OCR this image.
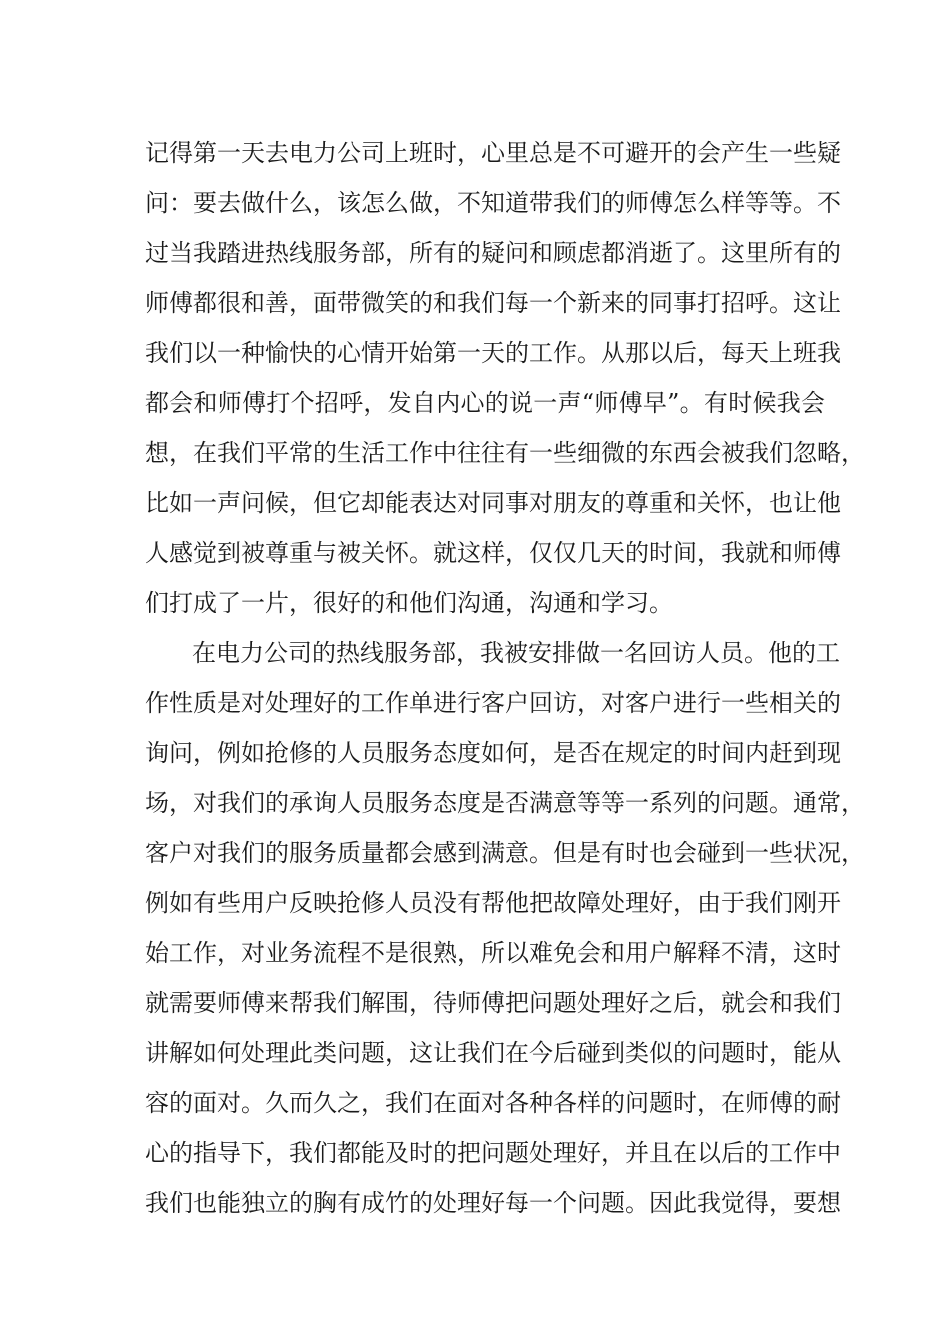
记得第一天去电力公司上班时，心里总是不可避开的会产生一些疑
问：要去做什么，该怎么做，不知道带我们的师傅怎么样等等。不
过当我踏进热线服务部，所有的疑问和顾虑都消逝了。这里所有的
师傅都很和善，面带微笑的和我们每一个新来的同事打招呼。这让
我们以一种愉快的心情开始第一天的工作。从那以后，每天上班我
都会和师傅打个招呼，发自内心的说一声“师傅早”。有时候我会
想，在我们平常的生活工作中往往有一些细微的东西会被我们忽略，
比如一声问候，但它却能表达对同事对朋友的尊重和关怀，也让他
人感觉到被尊重与被关怀。就这样，仅仅几天的时间，我就和师傅
们打成了一片，很好的和他们沟通，沟通和学习。
在电力公司的热线服务部，我被安排做一名回访人员。他的工
作性质是对处理好的工作单进行客户回访，对客户进行一些相关的
询问，例如抢修的人员服务态度如何，是否在规定的时间内赶到现
场，对我们的承询人员服务态度是否满意等等一系列的问题。通常，
客户对我们的服务质量都会感到满意。但是有时也会碰到一些状况，
例如有些用户反映抢修人员没有帮他把故障处理好，由于我们刚开
始工作，对业务流程不是很熟，所以难免会和用户解释不清，这时
就需要师傅来帮我们解围，待师傅把问题处理好之后，就会和我们
讲解如何处理此类问题，这让我们在今后碰到类似的问题时，能从
容的面对。久而久之，我们在面对各种各样的问题时，在师傅的耐
心的指导下，我们都能及时的把问题处理好，并且在以后的工作中
我们也能独立的胸有成竹的处理好每一个问题。因此我觉得，要想
